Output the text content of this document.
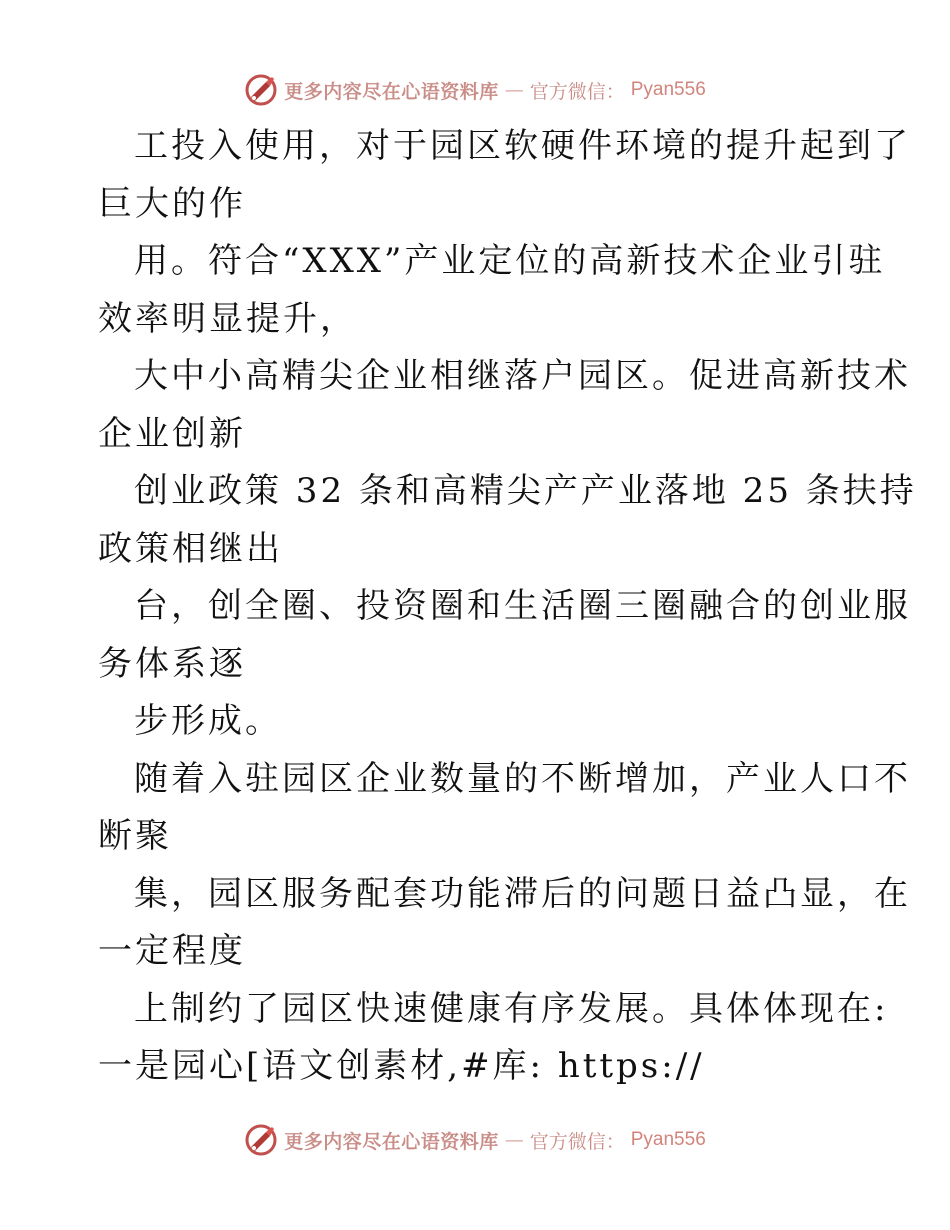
更多内容尽在心语资料库 — 官方微信： Pyan556
工投入使用，对于园区软硬件环境的提升起到了
巨大的作
用。符合“XXX”产业定位的高新技术企业引驻
效率明显提升，
大中小高精尖企业相继落户园区。促进高新技术
企业创新
创业政策 32 条和高精尖产产业落地 25 条扶持
政策相继出
台，创全圈、投资圈和生活圈三圈融合的创业服
务体系逐
步形成。
随着入驻园区企业数量的不断增加，产业人口不
断聚
集，园区服务配套功能滞后的问题日益凸显，在
一定程度
上制约了园区快速健康有序发展。具体体现在:
一是园心[语文创素材,#库: https://
更多内容尽在心语资料库 — 官方微信： Pyan556
